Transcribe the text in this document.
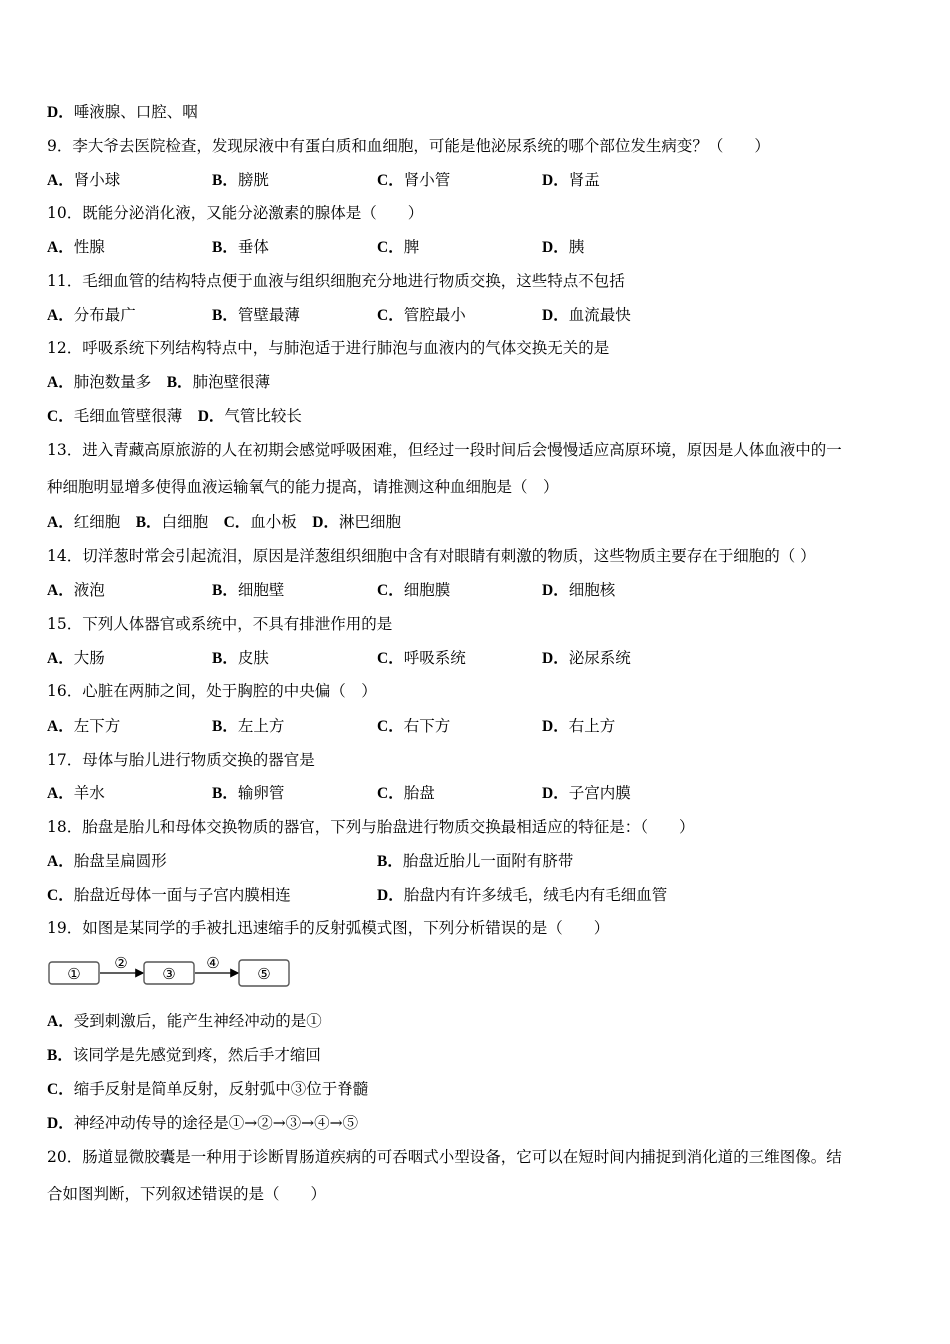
D．唾液腺、口腔、咽
9．李大爷去医院检查，发现尿液中有蛋白质和血细胞，可能是他泌尿系统的哪个部位发生病变？（　　）
A．肾小球	B．膀胱	C．肾小管	D．肾盂
10．既能分泌消化液，又能分泌激素的腺体是（　　）
A．性腺	B．垂体	C．脾	D．胰
11．毛细血管的结构特点便于血液与组织细胞充分地进行物质交换，这些特点不包括
A．分布最广	B．管壁最薄	C．管腔最小	D．血流最快
12．呼吸系统下列结构特点中，与肺泡适于进行肺泡与血液内的气体交换无关的是
A．肺泡数量多　B．肺泡壁很薄
C．毛细血管壁很薄　D．气管比较长
13．进入青藏高原旅游的人在初期会感觉呼吸困难，但经过一段时间后会慢慢适应高原环境，原因是人体血液中的一
种细胞明显增多使得血液运输氧气的能力提高，请推测这种血细胞是（　）
A．红细胞　B．白细胞　C．血小板　D．淋巴细胞
14．切洋葱时常会引起流泪，原因是洋葱组织细胞中含有对眼睛有刺激的物质，这些物质主要存在于细胞的（ ）
A．液泡	B．细胞壁	C．细胞膜	D．细胞核
15．下列人体器官或系统中，不具有排泄作用的是
A．大肠	B．皮肤	C．呼吸系统	D．泌尿系统
16．心脏在两肺之间，处于胸腔的中央偏（　）
A．左下方	B．左上方	C．右下方	D．右上方
17．母体与胎儿进行物质交换的器官是
A．羊水	B．输卵管	C．胎盘	D．子宫内膜
18．胎盘是胎儿和母体交换物质的器官，下列与胎盘进行物质交换最相适应的特征是：（　　）
A．胎盘呈扁圆形	B．胎盘近胎儿一面附有脐带
C．胎盘近母体一面与子宫内膜相连	D．胎盘内有许多绒毛，绒毛内有毛细血管
19．如图是某同学的手被扎迅速缩手的反射弧模式图，下列分析错误的是（　　）
①
②
③
④
⑤
A．受到刺激后，能产生神经冲动的是①
B．该同学是先感觉到疼，然后手才缩回
C．缩手反射是简单反射，反射弧中③位于脊髓
D．神经冲动传导的途径是①→②→③→④→⑤
20．肠道显微胶囊是一种用于诊断胃肠道疾病的可吞咽式小型设备，它可以在短时间内捕捉到消化道的三维图像。结
合如图判断，下列叙述错误的是（　　）
